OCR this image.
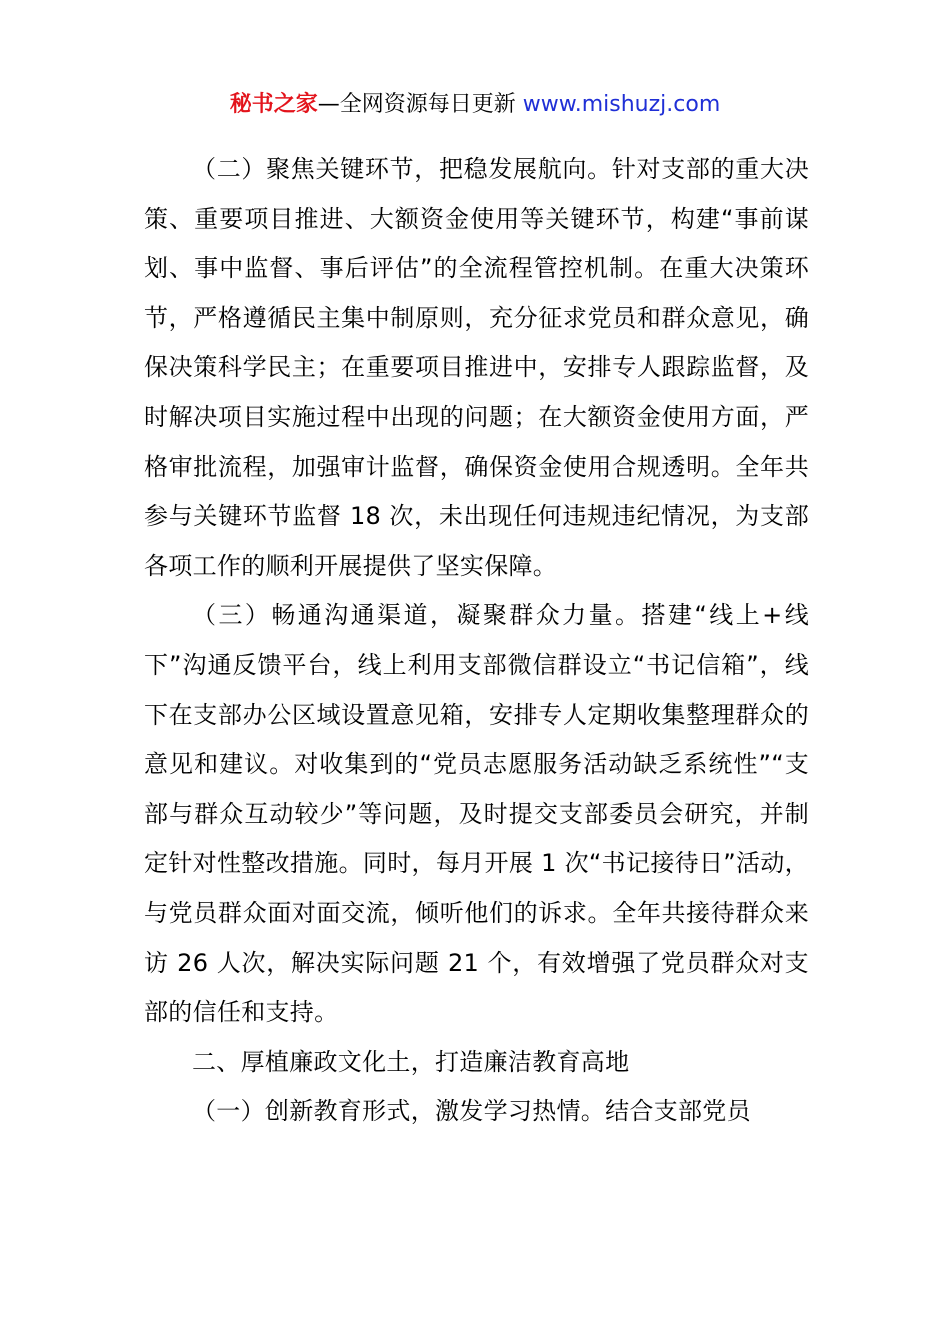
秘书之家—全网资源每日更新 www.mishuzj.com

（二）聚焦关键环节，把稳发展航向。针对支部的重大决策、重要项目推进、大额资金使用等关键环节，构建“事前谋划、事中监督、事后评估”的全流程管控机制。在重大决策环节，严格遵循民主集中制原则，充分征求党员和群众意见，确保决策科学民主；在重要项目推进中，安排专人跟踪监督，及时解决项目实施过程中出现的问题；在大额资金使用方面，严格审批流程，加强审计监督，确保资金使用合规透明。全年共参与关键环节监督 18 次，未出现任何违规违纪情况，为支部各项工作的顺利开展提供了坚实保障。

（三）畅通沟通渠道，凝聚群众力量。搭建“线上+线下”沟通反馈平台，线上利用支部微信群设立“书记信箱”，线下在支部办公区域设置意见箱，安排专人定期收集整理群众的意见和建议。对收集到的“党员志愿服务活动缺乏系统性”“支部与群众互动较少”等问题，及时提交支部委员会研究，并制定针对性整改措施。同时，每月开展 1 次“书记接待日”活动，与党员群众面对面交流，倾听他们的诉求。全年共接待群众来访 26 人次，解决实际问题 21 个，有效增强了党员群众对支部的信任和支持。

二、厚植廉政文化土，打造廉洁教育高地

（一）创新教育形式，激发学习热情。结合支部党员
